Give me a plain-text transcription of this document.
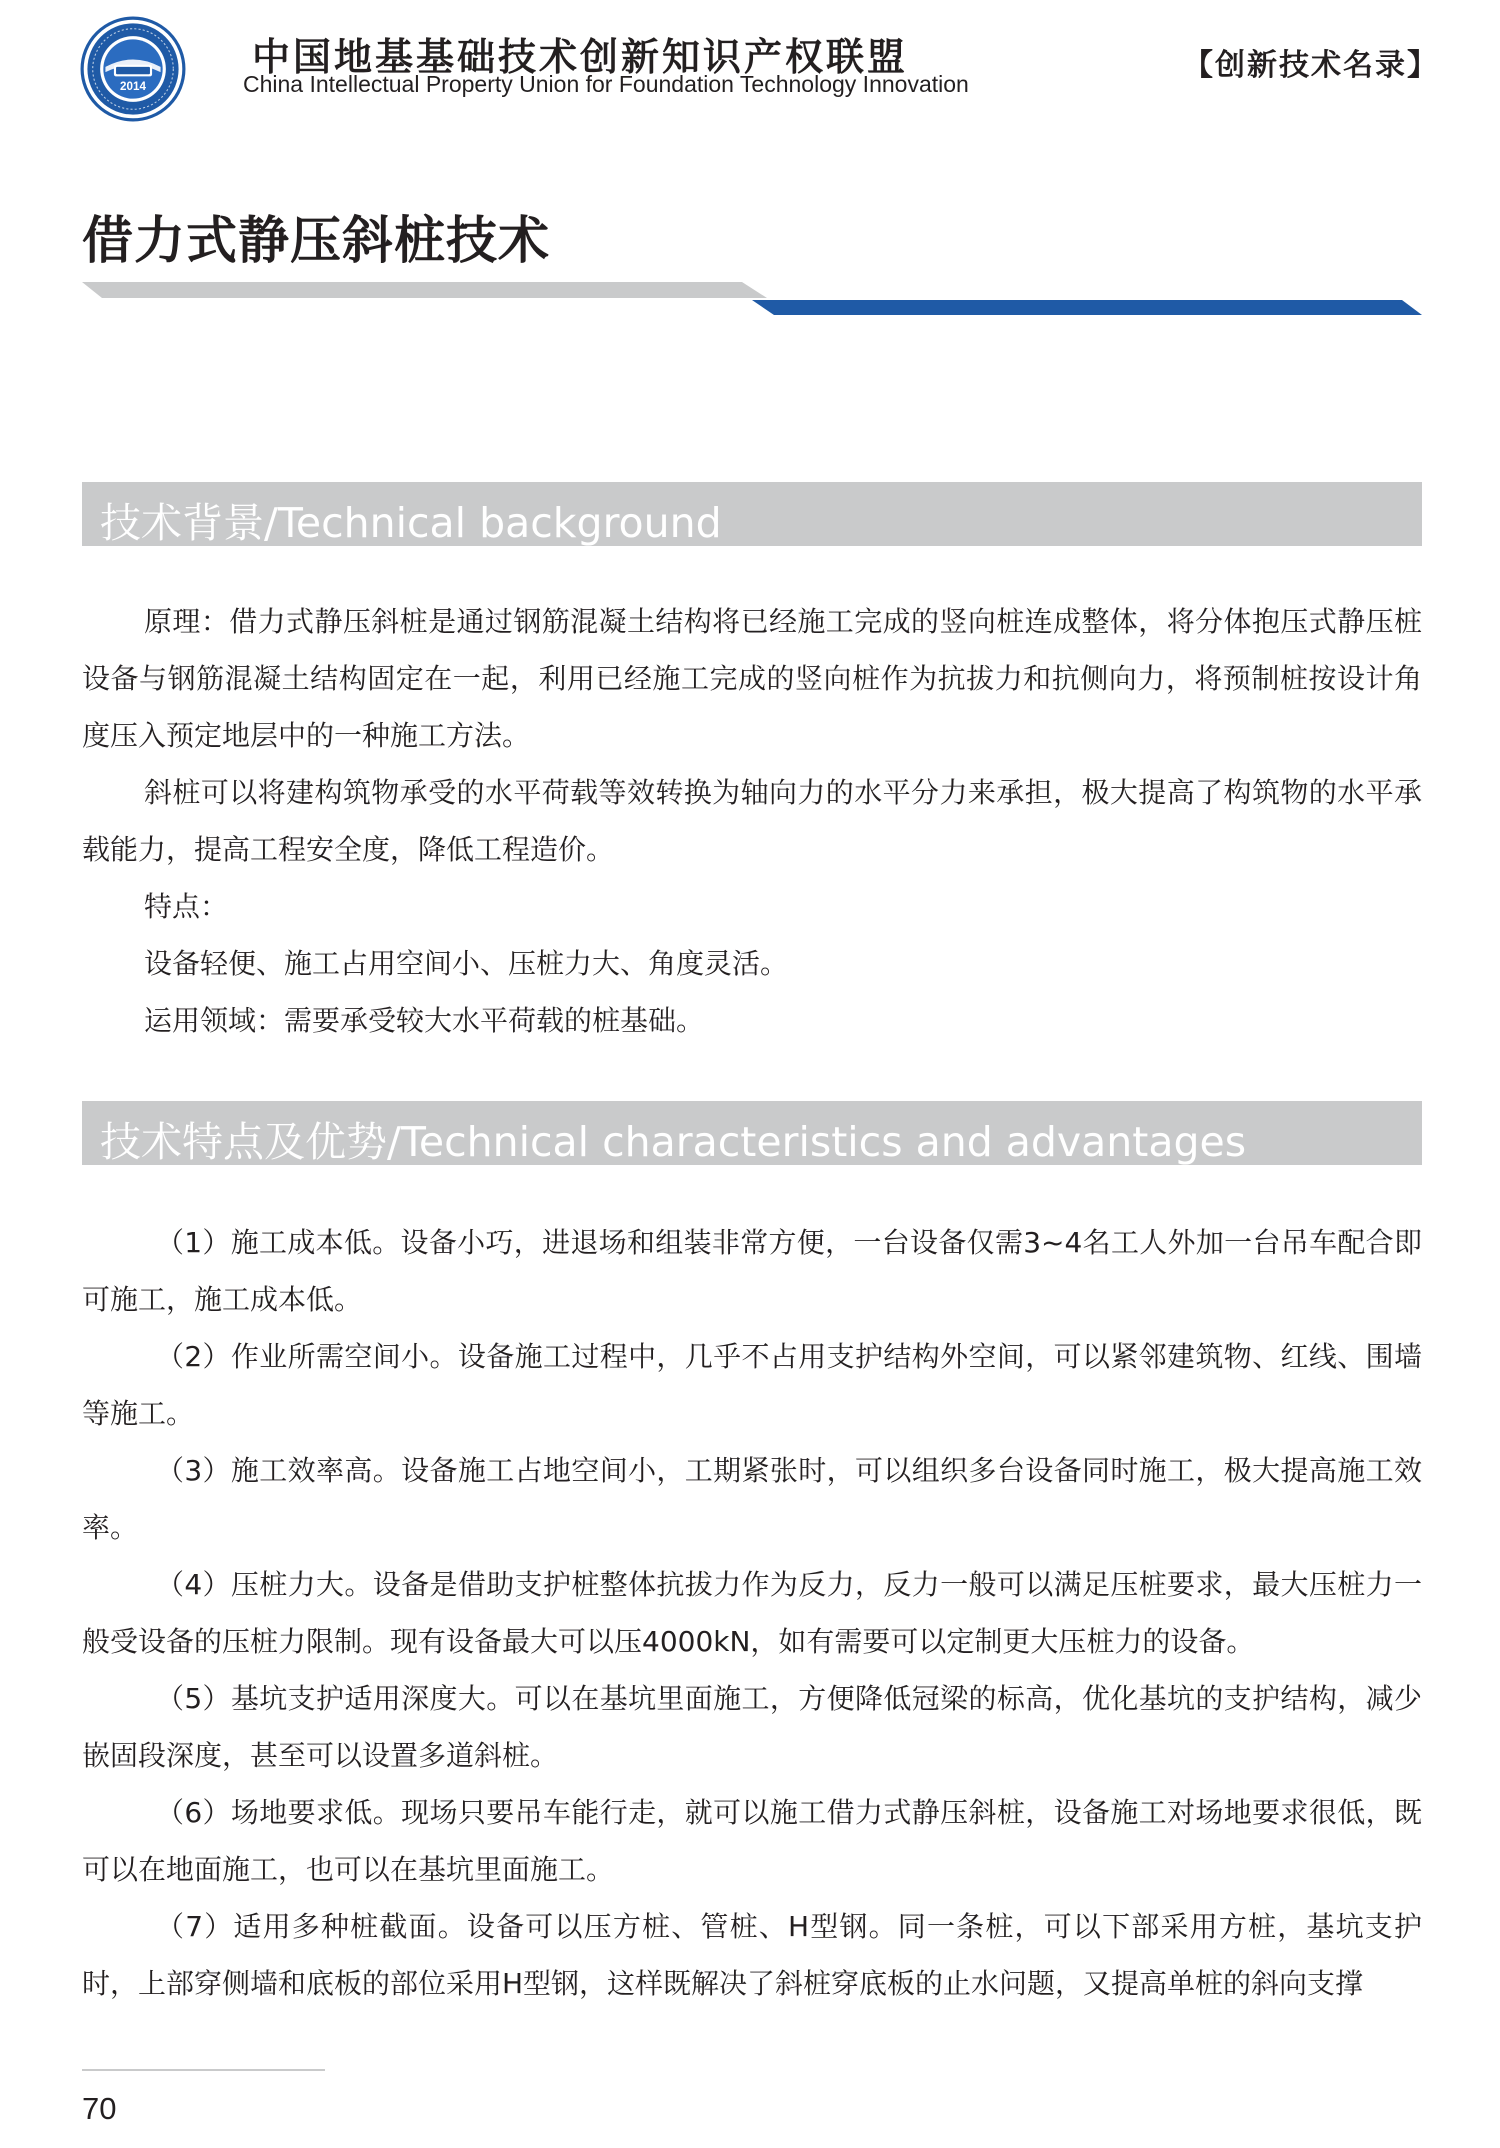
2014
中国地基基础技术创新知识产权联盟
China Intellectual Property Union for Foundation Technology Innovation
【创新技术名录】
借力式静压斜桩技术
技术背景/Technical background

原理：借力式静压斜桩是通过钢筋混凝土结构将已经施工完成的竖向桩连成整体，将分体抱压式静压桩设备与钢筋混凝土结构固定在一起，利用已经施工完成的竖向桩作为抗拔力和抗侧向力，将预制桩按设计角度压入预定地层中的一种施工方法。

斜桩可以将建构筑物承受的水平荷载等效转换为轴向力的水平分力来承担，极大提高了构筑物的水平承载能力，提高工程安全度，降低工程造价。

特点：

设备轻便、施工占用空间小、压桩力大、角度灵活。

运用领域：需要承受较大水平荷载的桩基础。

技术特点及优势/Technical characteristics and advantages

（1）施工成本低。设备小巧，进退场和组装非常方便，一台设备仅需3~4名工人外加一台吊车配合即可施工，施工成本低。

（2）作业所需空间小。设备施工过程中，几乎不占用支护结构外空间，可以紧邻建筑物、红线、围墙等施工。

（3）施工效率高。设备施工占地空间小，工期紧张时，可以组织多台设备同时施工，极大提高施工效率。

（4）压桩力大。设备是借助支护桩整体抗拔力作为反力，反力一般可以满足压桩要求，最大压桩力一般受设备的压桩力限制。现有设备最大可以压4000kN，如有需要可以定制更大压桩力的设备。

（5）基坑支护适用深度大。可以在基坑里面施工，方便降低冠梁的标高，优化基坑的支护结构，减少嵌固段深度，甚至可以设置多道斜桩。

（6）场地要求低。现场只要吊车能行走，就可以施工借力式静压斜桩，设备施工对场地要求很低，既可以在地面施工，也可以在基坑里面施工。

（7）适用多种桩截面。设备可以压方桩、管桩、H型钢。同一条桩，可以下部采用方桩，基坑支护时，上部穿侧墙和底板的部位采用H型钢，这样既解决了斜桩穿底板的止水问题，又提高单桩的斜向支撑

70
